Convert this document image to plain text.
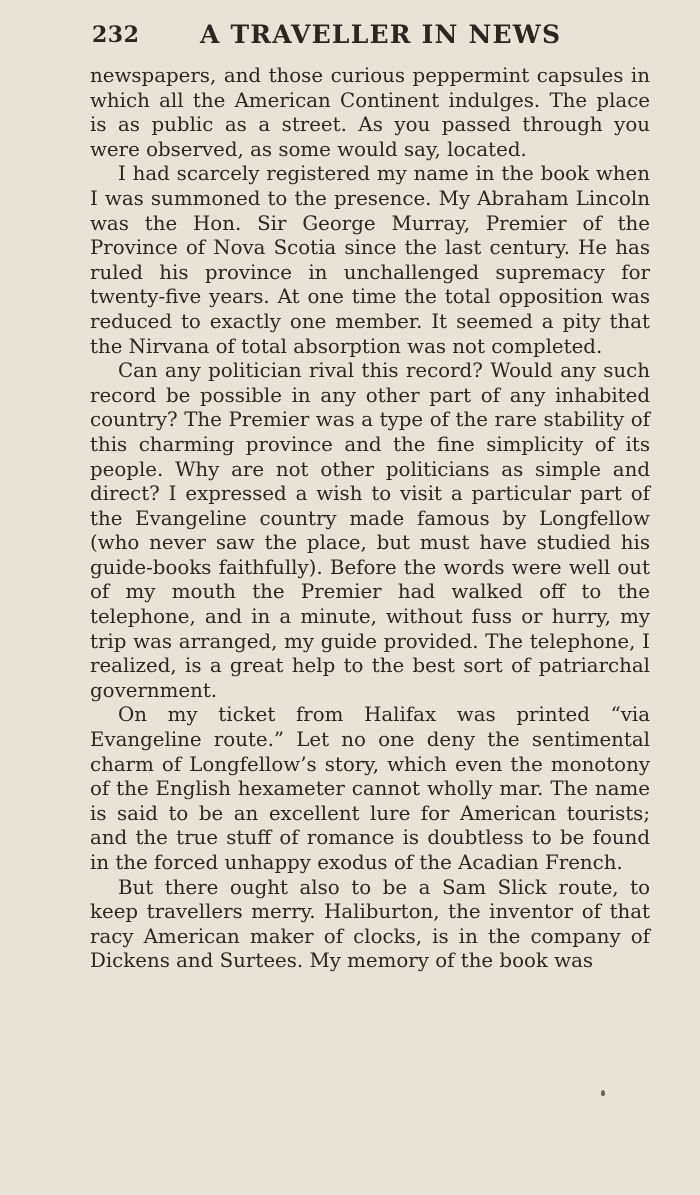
232 A TRAVELLER IN NEWS

newspapers, and those curious peppermint capsules in which all the American Continent indulges. The place is as public as a street. As you passed through you were observed, as some would say, located.

I had scarcely registered my name in the book when I was summoned to the presence. My Abraham Lincoln was the Hon. Sir George Murray, Premier of the Province of Nova Scotia since the last century. He has ruled his province in unchallenged supremacy for twenty-five years. At one time the total opposition was reduced to exactly one member. It seemed a pity that the Nirvana of total absorption was not completed.

Can any politician rival this record? Would any such record be possible in any other part of any inhabited country? The Premier was a type of the rare stability of this charming province and the fine simplicity of its people. Why are not other politicians as simple and direct? I expressed a wish to visit a particular part of the Evangeline country made famous by Longfellow (who never saw the place, but must have studied his guide-books faithfully). Before the words were well out of my mouth the Premier had walked off to the telephone, and in a minute, without fuss or hurry, my trip was arranged, my guide provided. The telephone, I realized, is a great help to the best sort of patriarchal government.

On my ticket from Halifax was printed “via Evangeline route.” Let no one deny the sentimental charm of Longfellow’s story, which even the monotony of the English hexameter cannot wholly mar. The name is said to be an excellent lure for American tourists; and the true stuff of romance is doubtless to be found in the forced unhappy exodus of the Acadian French.

But there ought also to be a Sam Slick route, to keep travellers merry. Haliburton, the inventor of that racy American maker of clocks, is in the company of Dickens and Surtees. My memory of the book was
